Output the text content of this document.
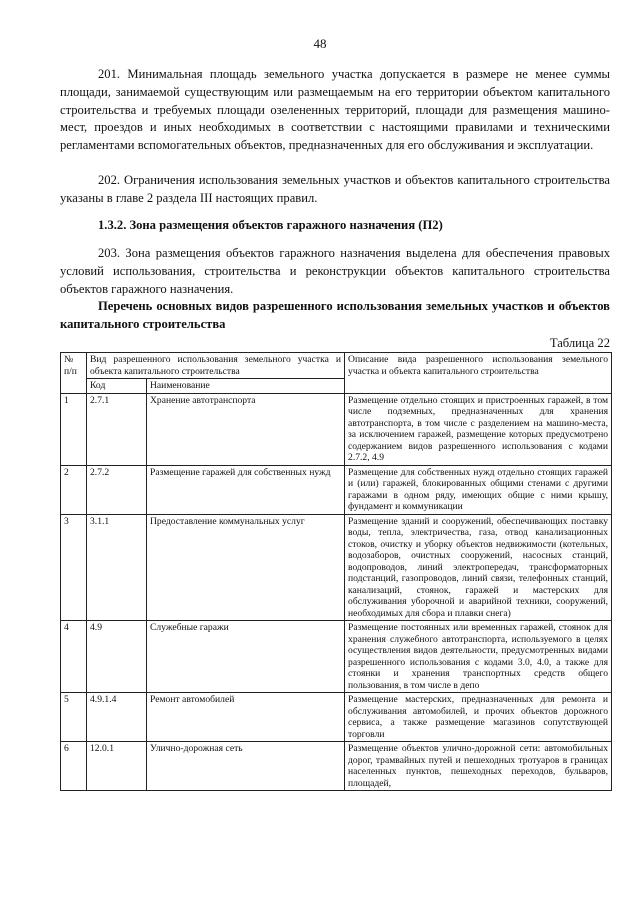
48

201. Минимальная площадь земельного участка допускается в размере не менее суммы площади, занимаемой существующим или размещаемым на его территории объектом капитального строительства и требуемых площади озелененных территорий, площади для размещения машино-мест, проездов и иных необходимых в соответствии с настоящими правилами и техническими регламентами вспомогательных объектов, предназначенных для его обслуживания и эксплуатации.

202. Ограничения использования земельных участков и объектов капитального строительства указаны в главе 2 раздела III настоящих правил.

1.3.2. Зона размещения объектов гаражного назначения (П2)

203. Зона размещения объектов гаражного назначения выделена для обеспечения правовых условий использования, строительства и реконструкции объектов капитального строительства объектов гаражного назначения.

Перечень основных видов разрешенного использования земельных участков и объектов капитального строительства

Таблица 22
№ п/п	Вид разрешенного использования земельного участка и объекта капитального строительства		Описание вида разрешенного использования земельного участка и объекта капитального строительства
	Код	Наименование	
1	2.7.1	Хранение автотранспорта	Размещение отдельно стоящих и пристроенных гаражей, в том числе подземных, предназначенных для хранения автотранспорта, в том числе с разделением на машино-места, за исключением гаражей, размещение которых предусмотрено содержанием видов разрешенного использования с кодами 2.7.2, 4.9
2	2.7.2	Размещение гаражей для собственных нужд	Размещение для собственных нужд отдельно стоящих гаражей и (или) гаражей, блокированных общими стенами с другими гаражами в одном ряду, имеющих общие с ними крышу, фундамент и коммуникации
3	3.1.1	Предоставление коммунальных услуг	Размещение зданий и сооружений, обеспечивающих поставку воды, тепла, электричества, газа, отвод канализационных стоков, очистку и уборку объектов недвижимости (котельных, водозаборов, очистных сооружений, насосных станций, водопроводов, линий электропередач, трансформаторных подстанций, газопроводов, линий связи, телефонных станций, канализаций, стоянок, гаражей и мастерских для обслуживания уборочной и аварийной техники, сооружений, необходимых для сбора и плавки снега)
4	4.9	Служебные гаражи	Размещение постоянных или временных гаражей, стоянок для хранения служебного автотранспорта, используемого в целях осуществления видов деятельности, предусмотренных видами разрешенного использования с кодами 3.0, 4.0, а также для стоянки и хранения транспортных средств общего пользования, в том числе в депо
5	4.9.1.4	Ремонт автомобилей	Размещение мастерских, предназначенных для ремонта и обслуживания автомобилей, и прочих объектов дорожного сервиса, а также размещение магазинов сопутствующей торговли
6	12.0.1	Улично-дорожная сеть	Размещение объектов улично-дорожной сети: автомобильных дорог, трамвайных путей и пешеходных тротуаров в границах населенных пунктов, пешеходных переходов, бульваров, площадей,
